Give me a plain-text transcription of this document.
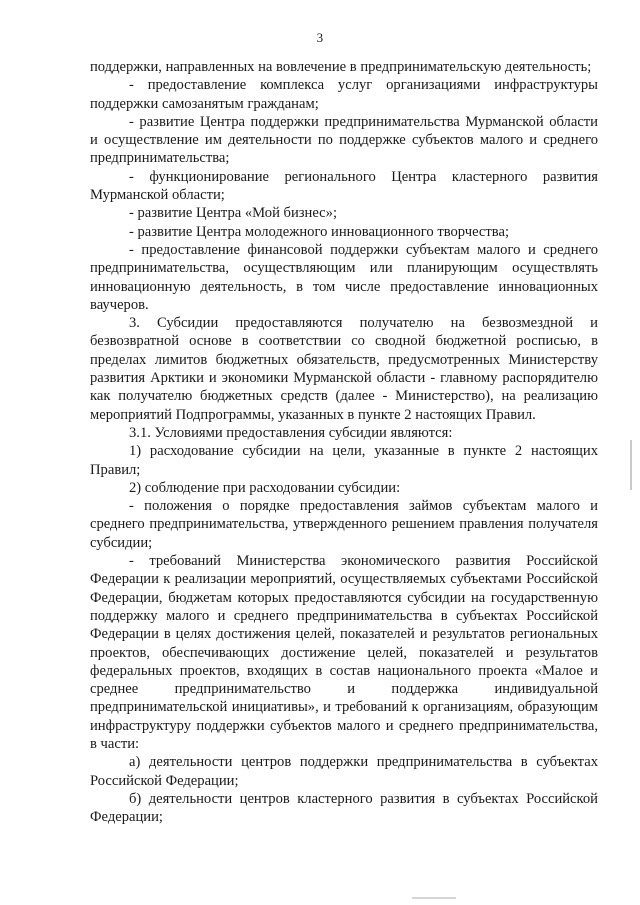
3

поддержки, направленных на вовлечение в предпринимательскую деятельность;

- предоставление комплекса услуг организациями инфраструктуры поддержки самозанятым гражданам;

- развитие Центра поддержки предпринимательства Мурманской области и осуществление им деятельности по поддержке субъектов малого и среднего предпринимательства;

- функционирование регионального Центра кластерного развития Мурманской области;

- развитие Центра «Мой бизнес»;

- развитие Центра молодежного инновационного творчества;

- предоставление финансовой поддержки субъектам малого и среднего предпринимательства, осуществляющим или планирующим осуществлять инновационную деятельность, в том числе предоставление инновационных ваучеров.

3. Субсидии предоставляются получателю на безвозмездной и безвозвратной основе в соответствии со сводной бюджетной росписью, в пределах лимитов бюджетных обязательств, предусмотренных Министерству развития Арктики и экономики Мурманской области - главному распорядителю как получателю бюджетных средств (далее - Министерство), на реализацию мероприятий Подпрограммы, указанных в пункте 2 настоящих Правил.

3.1. Условиями предоставления субсидии являются:

1) расходование субсидии на цели, указанные в пункте 2 настоящих Правил;

2) соблюдение при расходовании субсидии:

- положения о порядке предоставления займов субъектам малого и среднего предпринимательства, утвержденного решением правления получателя субсидии;

- требований Министерства экономического развития Российской Федерации к реализации мероприятий, осуществляемых субъектами Российской Федерации, бюджетам которых предоставляются субсидии на государственную поддержку малого и среднего предпринимательства в субъектах Российской Федерации в целях достижения целей, показателей и результатов региональных проектов, обеспечивающих достижение целей, показателей и результатов федеральных проектов, входящих в состав национального проекта «Малое и среднее предпринимательство и поддержка индивидуальной предпринимательской инициативы», и требований к организациям, образующим инфраструктуру поддержки субъектов малого и среднего предпринимательства, в части:

а) деятельности центров поддержки предпринимательства в субъектах Российской Федерации;

б) деятельности центров кластерного развития в субъектах Российской Федерации;
